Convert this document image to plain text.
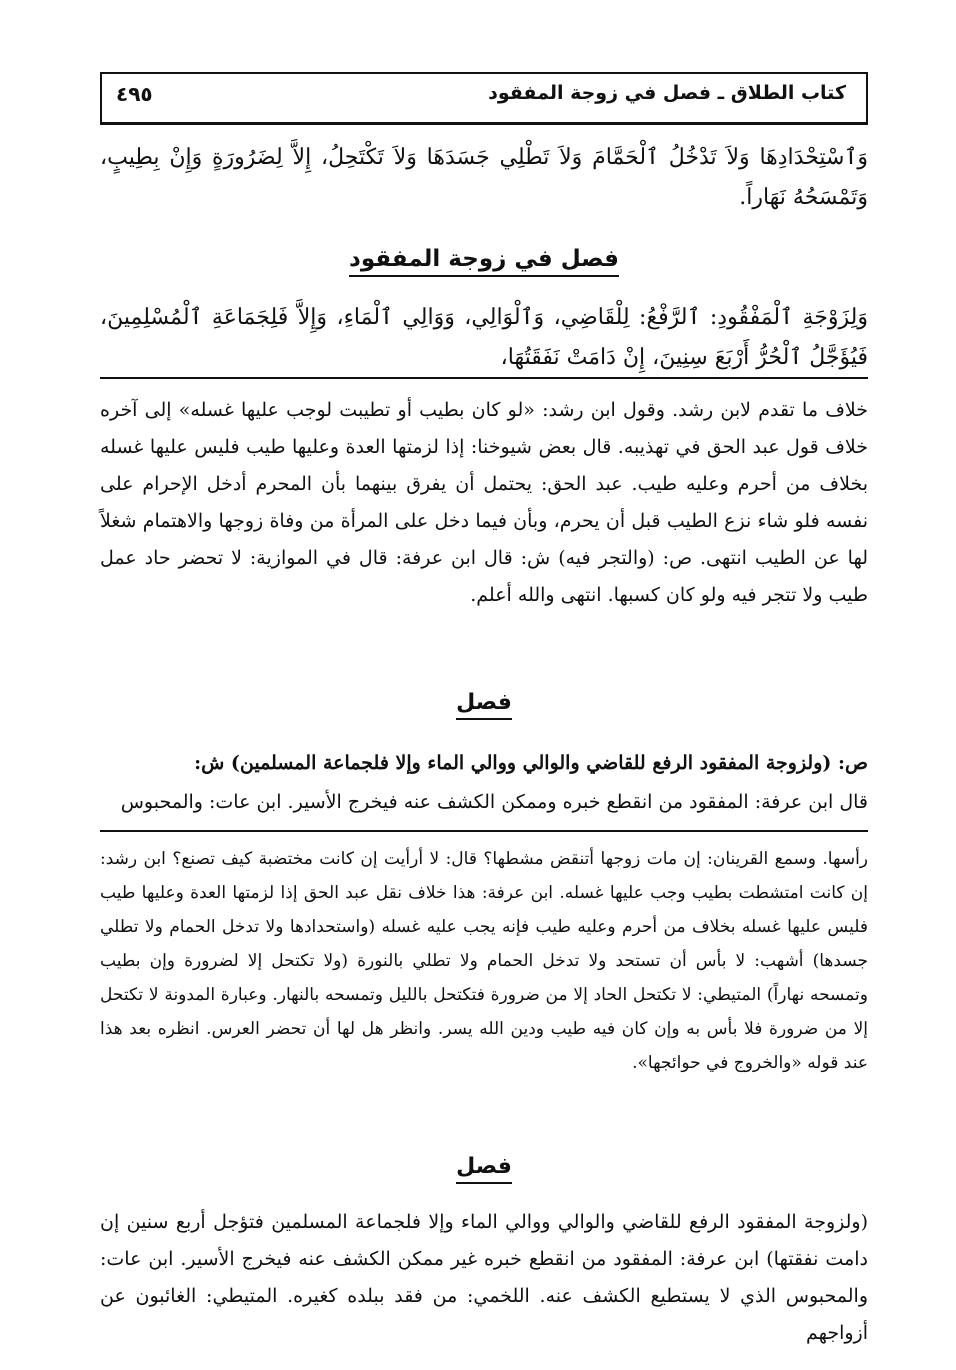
كتاب الطلاق ـ فصل في زوجة المفقود
٤٩٥
وَٱسْتِحْدَادِهَا وَلاَ تَدْخُلُ ٱلْحَمَّامَ وَلاَ تَطْلِي جَسَدَهَا وَلاَ تَكْتَحِلُ، إِلاَّ لِضَرُورَةٍ وَإِنْ بِطِيبٍ، وَتَمْسَحُهُ نَهَاراً.
فصل في زوجة المفقود
وَلِزَوْجَةِ ٱلْمَفْقُودِ: ٱلرَّفْعُ: لِلْقَاضِي، وَٱلْوَالِي، وَوَالِي ٱلْمَاءِ، وَإِلاَّ فَلِجَمَاعَةِ ٱلْمُسْلِمِينَ، فَيُؤَجَّلُ ٱلْحُرُّ أَرْبَعَ سِنِينَ، إِنْ دَامَتْ نَفَقَتُهَا،
خلاف ما تقدم لابن رشد. وقول ابن رشد: «لو كان بطيب أو تطيبت لوجب عليها غسله» إلى آخره خلاف قول عبد الحق في تهذيبه. قال بعض شيوخنا: إذا لزمتها العدة وعليها طيب فليس عليها غسله بخلاف من أحرم وعليه طيب. عبد الحق: يحتمل أن يفرق بينهما بأن المحرم أدخل الإحرام على نفسه فلو شاء نزع الطيب قبل أن يحرم، وبأن فيما دخل على المرأة من وفاة زوجها والاهتمام شغلاً لها عن الطيب انتهى. ص: (والتجر فيه) ش: قال ابن عرفة: قال في الموازية: لا تحضر حاد عمل طيب ولا تتجر فيه ولو كان كسبها. انتهى والله أعلم.
فصل
ص: (ولزوجة المفقود الرفع للقاضي والوالي ووالي الماء وإلا فلجماعة المسلمين) ش:
قال ابن عرفة: المفقود من انقطع خبره وممكن الكشف عنه فيخرج الأسير. ابن عات: والمحبوس
رأسها. وسمع القرينان: إن مات زوجها أتنقض مشطها؟ قال: لا أرأيت إن كانت مختضبة كيف تصنع؟ ابن رشد: إن كانت امتشطت بطيب وجب عليها غسله. ابن عرفة: هذا خلاف نقل عبد الحق إذا لزمتها العدة وعليها طيب فليس عليها غسله بخلاف من أحرم وعليه طيب فإنه يجب عليه غسله (واستحدادها ولا تدخل الحمام ولا تطلي جسدها) أشهب: لا بأس أن تستحد ولا تدخل الحمام ولا تطلي بالنورة (ولا تكتحل إلا لضرورة وإن بطيب وتمسحه نهاراً) المتيطي: لا تكتحل الحاد إلا من ضرورة فتكتحل بالليل وتمسحه بالنهار. وعبارة المدونة لا تكتحل إلا من ضرورة فلا بأس به وإن كان فيه طيب ودين الله يسر. وانظر هل لها أن تحضر العرس. انظره بعد هذا عند قوله «والخروج في حوائجها».
فصل
(ولزوجة المفقود الرفع للقاضي والوالي ووالي الماء وإلا فلجماعة المسلمين فتؤجل أربع سنين إن دامت نفقتها) ابن عرفة: المفقود من انقطع خبره غير ممكن الكشف عنه فيخرج الأسير. ابن عات: والمحبوس الذي لا يستطيع الكشف عنه. اللخمي: من فقد ببلده كغيره. المتيطي: الغائبون عن أزواجهم
